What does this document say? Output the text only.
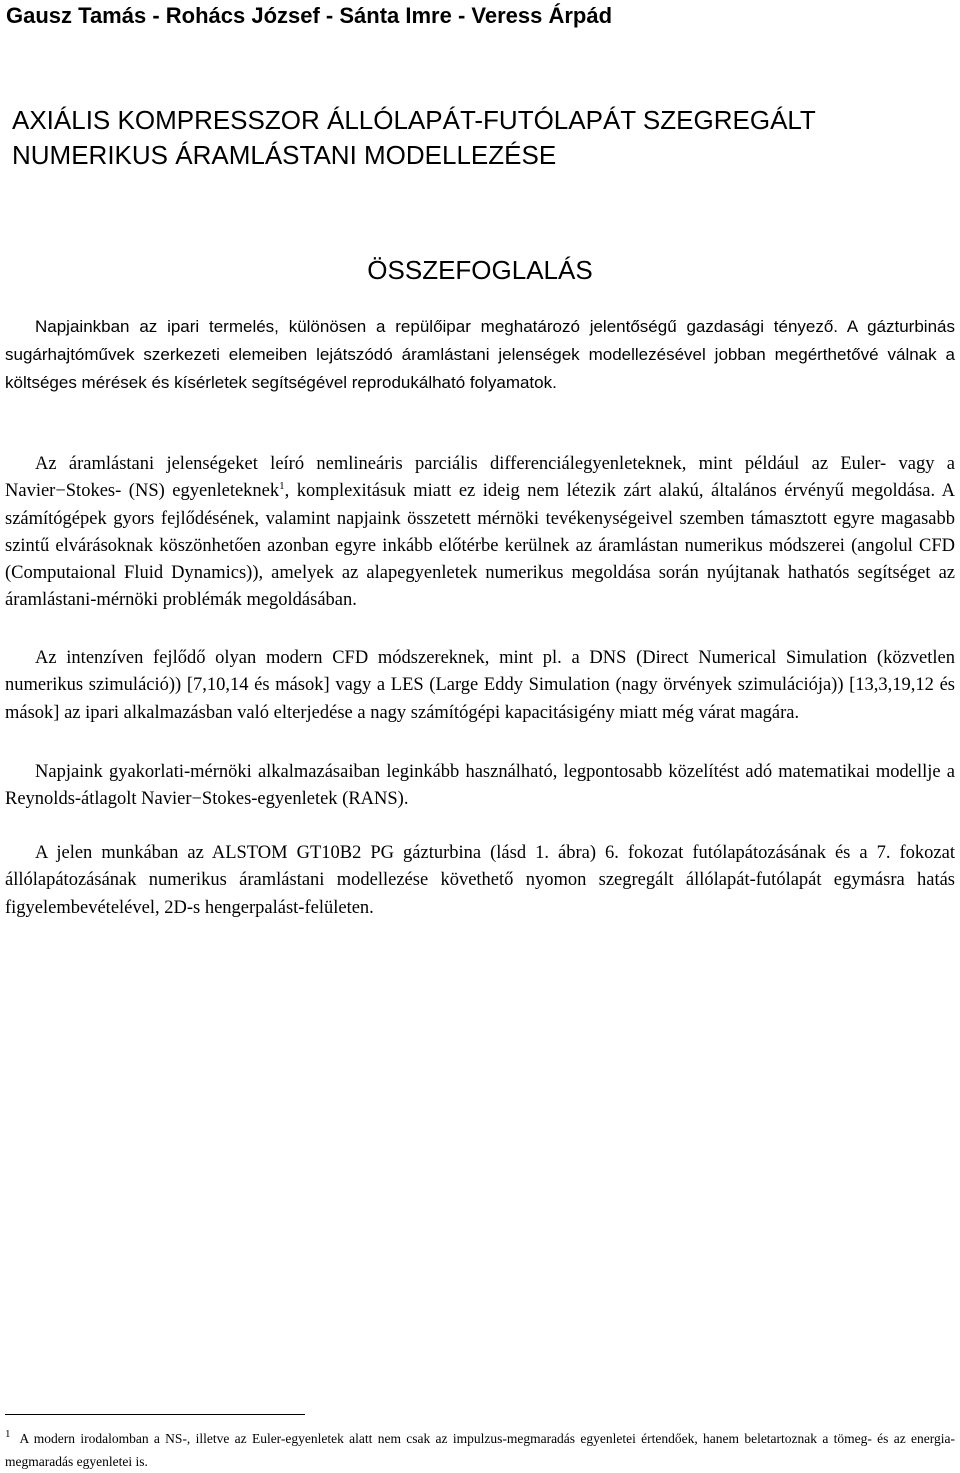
Gausz Tamás - Rohács József - Sánta Imre - Veress Árpád
AXIÁLIS KOMPRESSZOR ÁLLÓLAPÁT-FUTÓLAPÁT SZEGREGÁLT
NUMERIKUS ÁRAMLÁSTANI MODELLEZÉSE
ÖSSZEFOGLALÁS

Napjainkban az ipari termelés, különösen a repülőipar meghatározó jelentőségű gazdasági tényező. A gázturbinás sugárhajtóművek szerkezeti elemeiben lejátszódó áramlástani jelenségek modellezésével jobban megérthetővé válnak a költséges mérések és kísérletek segítségével reprodukálható folyamatok.

Az áramlástani jelenségeket leíró nemlineáris parciális differenciálegyenleteknek, mint például az Euler- vagy a Navier−Stokes- (NS) egyenleteknek$^1$, komplexitásuk miatt ez ideig nem létezik zárt alakú, általános érvényű megoldása. A számítógépek gyors fejlődésének, valamint napjaink összetett mérnöki tevékenységeivel szemben támasztott egyre magasabb szintű elvárásoknak köszönhetően azonban egyre inkább előtérbe kerülnek az áramlástan numerikus módszerei (angolul CFD (Computaional Fluid Dynamics)), amelyek az alapegyenletek numerikus megoldása során nyújtanak hathatós segítséget az áramlástani-mérnöki problémák megoldásában.

Az intenzíven fejlődő olyan modern CFD módszereknek, mint pl. a DNS (Direct Numerical Simulation (közvetlen numerikus szimuláció)) [7,10,14 és mások] vagy a LES (Large Eddy Simulation (nagy örvények szimulációja)) [13,3,19,12 és mások] az ipari alkalmazásban való elterjedése a nagy számítógépi kapacitásigény miatt még várat magára.

Napjaink gyakorlati-mérnöki alkalmazásaiban leginkább használható, legpontosabb közelítést adó matematikai modellje a Reynolds-átlagolt Navier−Stokes-egyenletek (RANS).

A jelen munkában az ALSTOM GT10B2 PG gázturbina (lásd 1. ábra) 6. fokozat futólapátozásának és a 7. fokozat állólapátozásának numerikus áramlástani modellezése követhető nyomon szegregált állólapát-futólapát egymásra hatás figyelembevételével, 2D-s hengerpalást-felületen.

$^1$ A modern irodalomban a NS-, illetve az Euler-egyenletek alatt nem csak az impulzus-megmaradás egyenletei értendőek, hanem beletartoznak a tömeg- és az energia-megmaradás egyenletei is.
